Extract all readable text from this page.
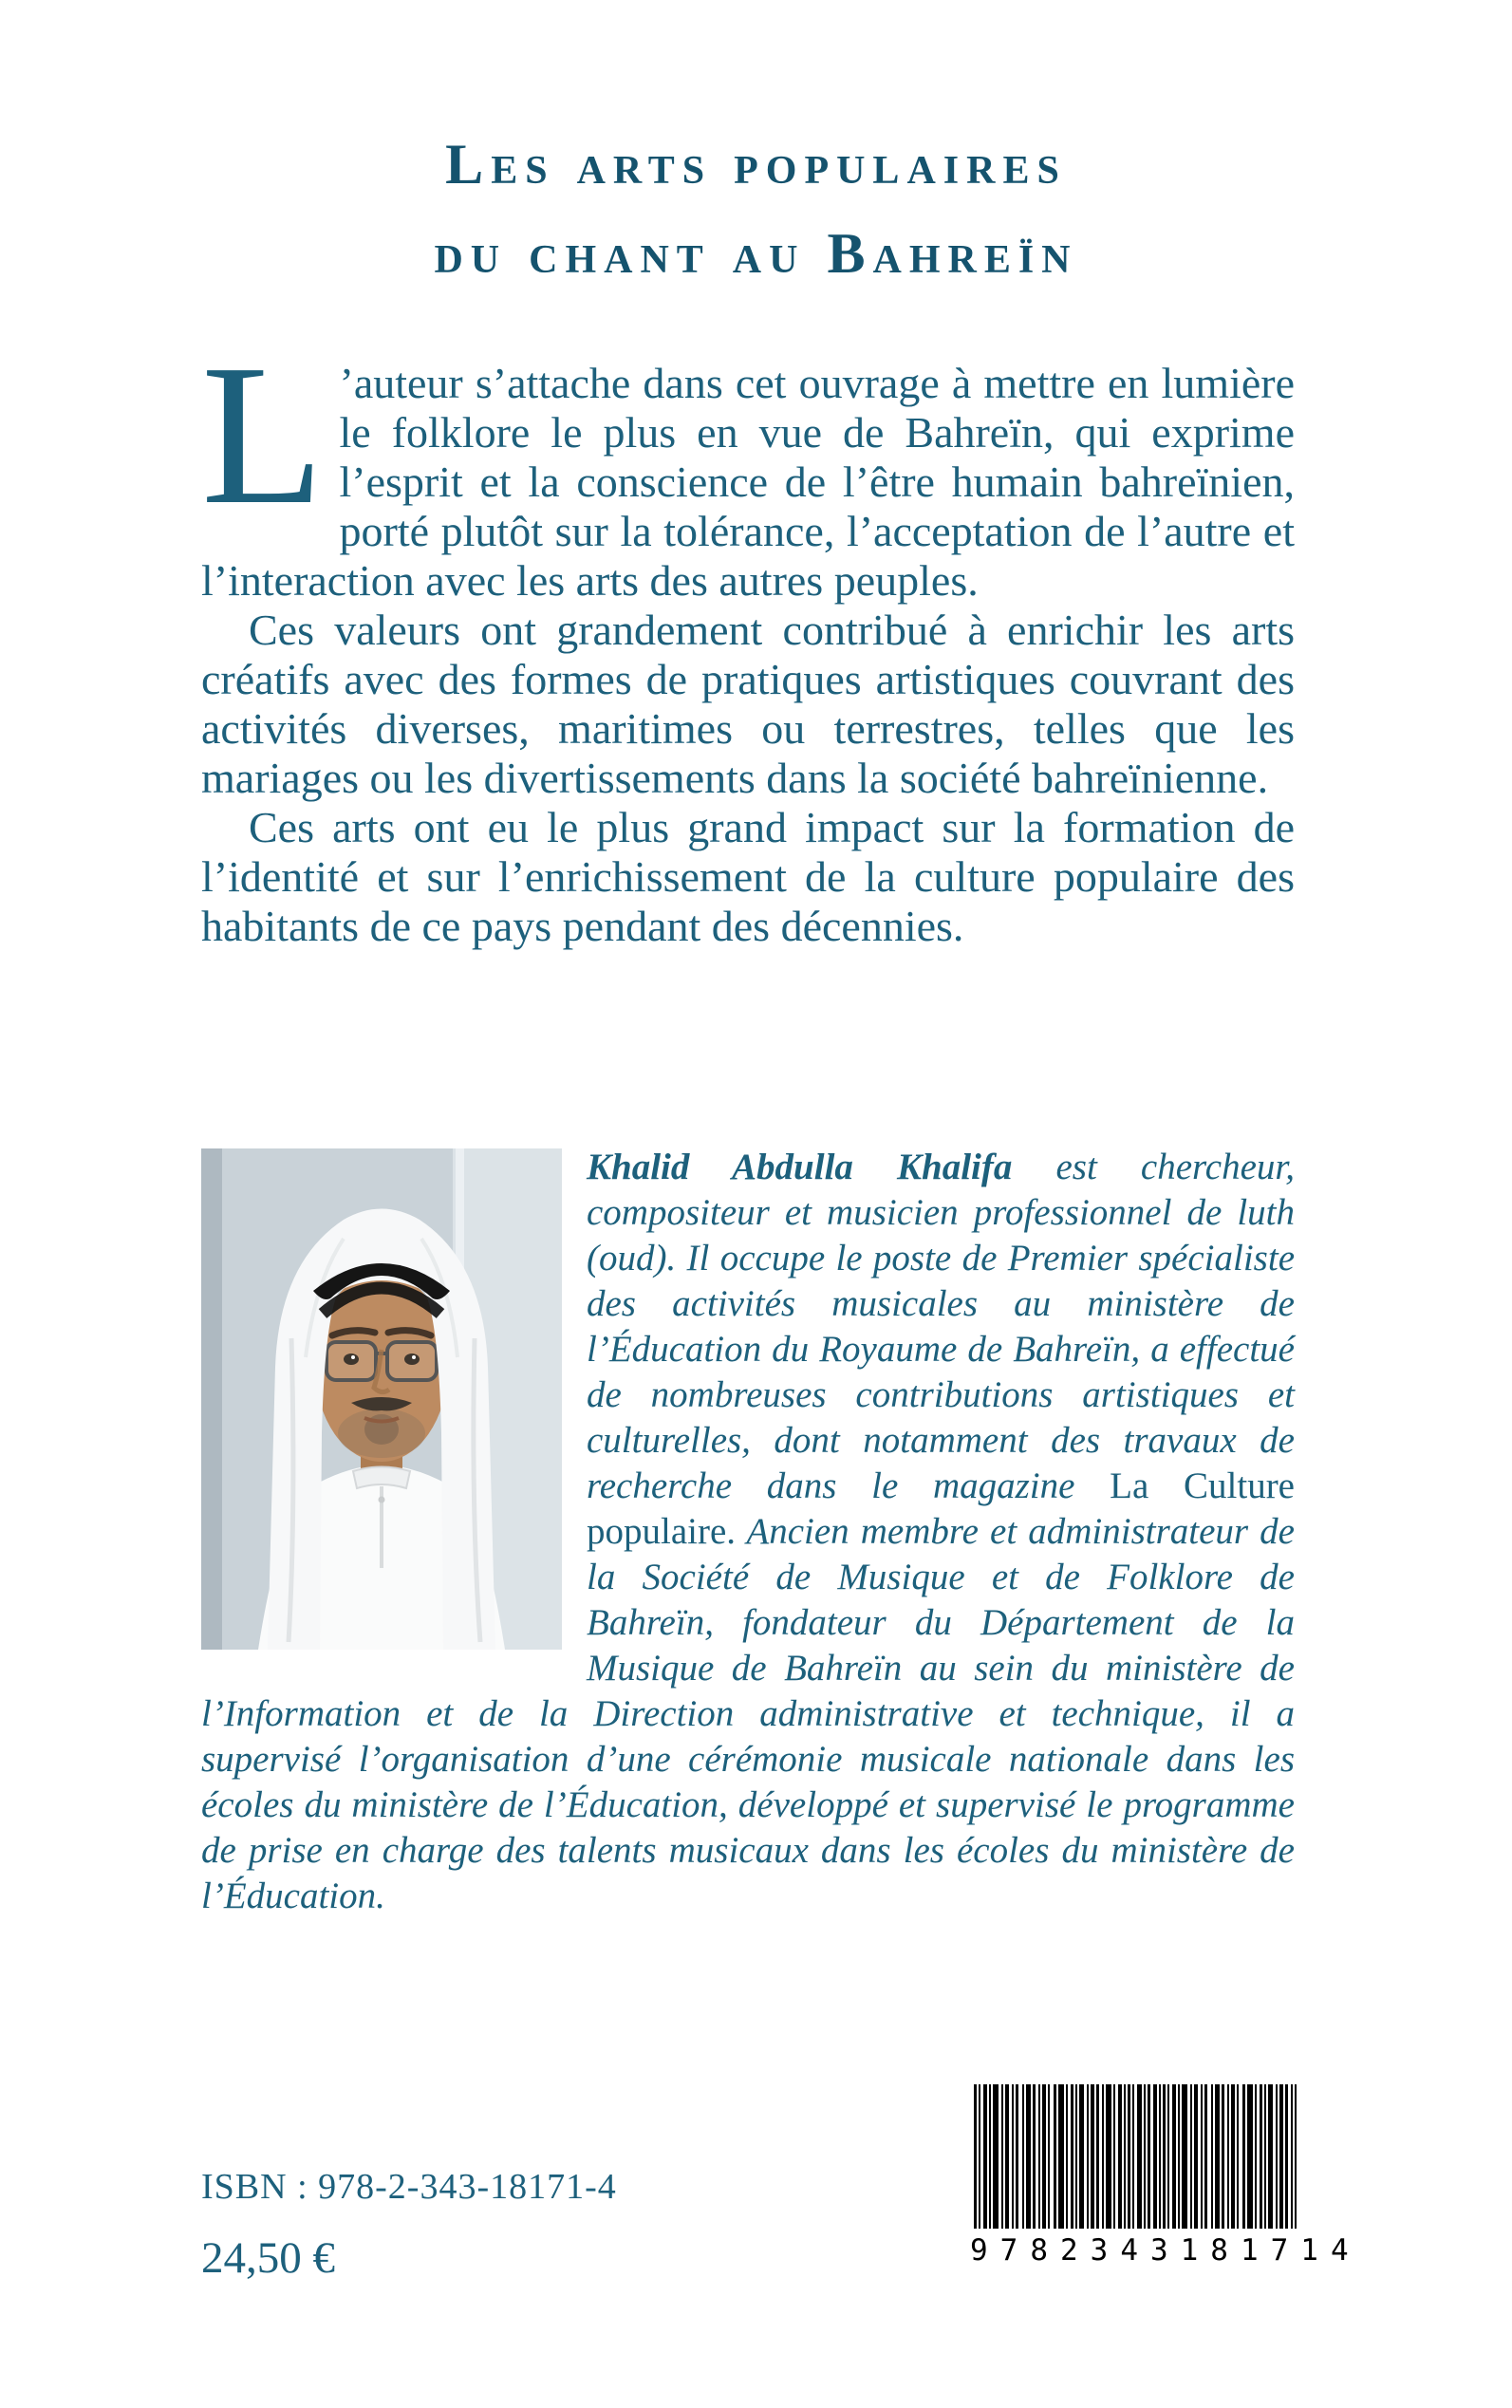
Les arts populaires
du chant au Bahreïn

L ’auteur s’attache dans cet ouvrage à mettre en lumière le folklore le plus en vue de Bahreïn, qui exprime l’esprit et la conscience de l’être humain bahreïnien, porté plutôt sur la tolérance, l’acceptation de l’autre et l’interaction avec les arts des autres peuples.

Ces valeurs ont grandement contribué à enrichir les arts créatifs avec des formes de pratiques artistiques couvrant des activités diverses, maritimes ou terrestres, telles que les mariages ou les divertissements dans la société bahreïnienne.

Ces arts ont eu le plus grand impact sur la formation de l’identité et sur l’enrichissement de la culture populaire des habitants de ce pays pendant des décennies.

Khalid Abdulla Khalifa est chercheur, compositeur et musicien professionnel de luth (oud). Il occupe le poste de Premier spécialiste des activités musicales au ministère de l’Éducation du Royaume de Bahreïn, a effectué de nombreuses contributions artistiques et culturelles, dont notamment des travaux de recherche dans le magazine La Culture populaire. Ancien membre et administrateur de la Société de Musique et de Folklore de Bahreïn, fondateur du Département de la Musique de Bahreïn au sein du ministère de l’Information et de la Direction administrative et technique, il a supervisé l’organisation d’une cérémonie musicale nationale dans les écoles du ministère de l’Éducation, développé et supervisé le programme de prise en charge des talents musicaux dans les écoles du ministère de l’Éducation.

ISBN : 978-2-343-18171-4
24,50 €	9782343181714
